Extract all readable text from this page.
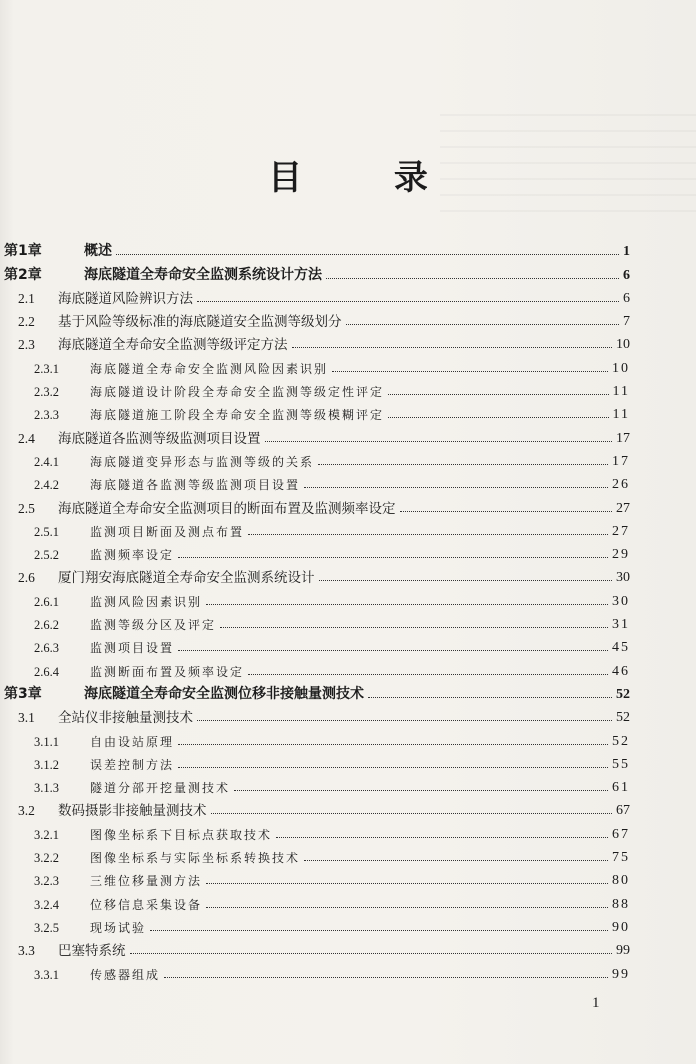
目 录
第1章	概述	1
第2章	海底隧道全寿命安全监测系统设计方法	6
2.1	海底隧道风险辨识方法	6
2.2	基于风险等级标准的海底隧道安全监测等级划分	7
2.3	海底隧道全寿命安全监测等级评定方法	10
2.3.1	海底隧道全寿命安全监测风险因素识别	10
2.3.2	海底隧道设计阶段全寿命安全监测等级定性评定	11
2.3.3	海底隧道施工阶段全寿命安全监测等级模糊评定	11
2.4	海底隧道各监测等级监测项目设置	17
2.4.1	海底隧道变异形态与监测等级的关系	17
2.4.2	海底隧道各监测等级监测项目设置	26
2.5	海底隧道全寿命安全监测项目的断面布置及监测频率设定	27
2.5.1	监测项目断面及测点布置	27
2.5.2	监测频率设定	29
2.6	厦门翔安海底隧道全寿命安全监测系统设计	30
2.6.1	监测风险因素识别	30
2.6.2	监测等级分区及评定	31
2.6.3	监测项目设置	45
2.6.4	监测断面布置及频率设定	46
第3章	海底隧道全寿命安全监测位移非接触量测技术	52
3.1	全站仪非接触量测技术	52
3.1.1	自由设站原理	52
3.1.2	误差控制方法	55
3.1.3	隧道分部开挖量测技术	61
3.2	数码摄影非接触量测技术	67
3.2.1	图像坐标系下目标点获取技术	67
3.2.2	图像坐标系与实际坐标系转换技术	75
3.2.3	三维位移量测方法	80
3.2.4	位移信息采集设备	88
3.2.5	现场试验	90
3.3	巴塞特系统	99
3.3.1	传感器组成	99
1
